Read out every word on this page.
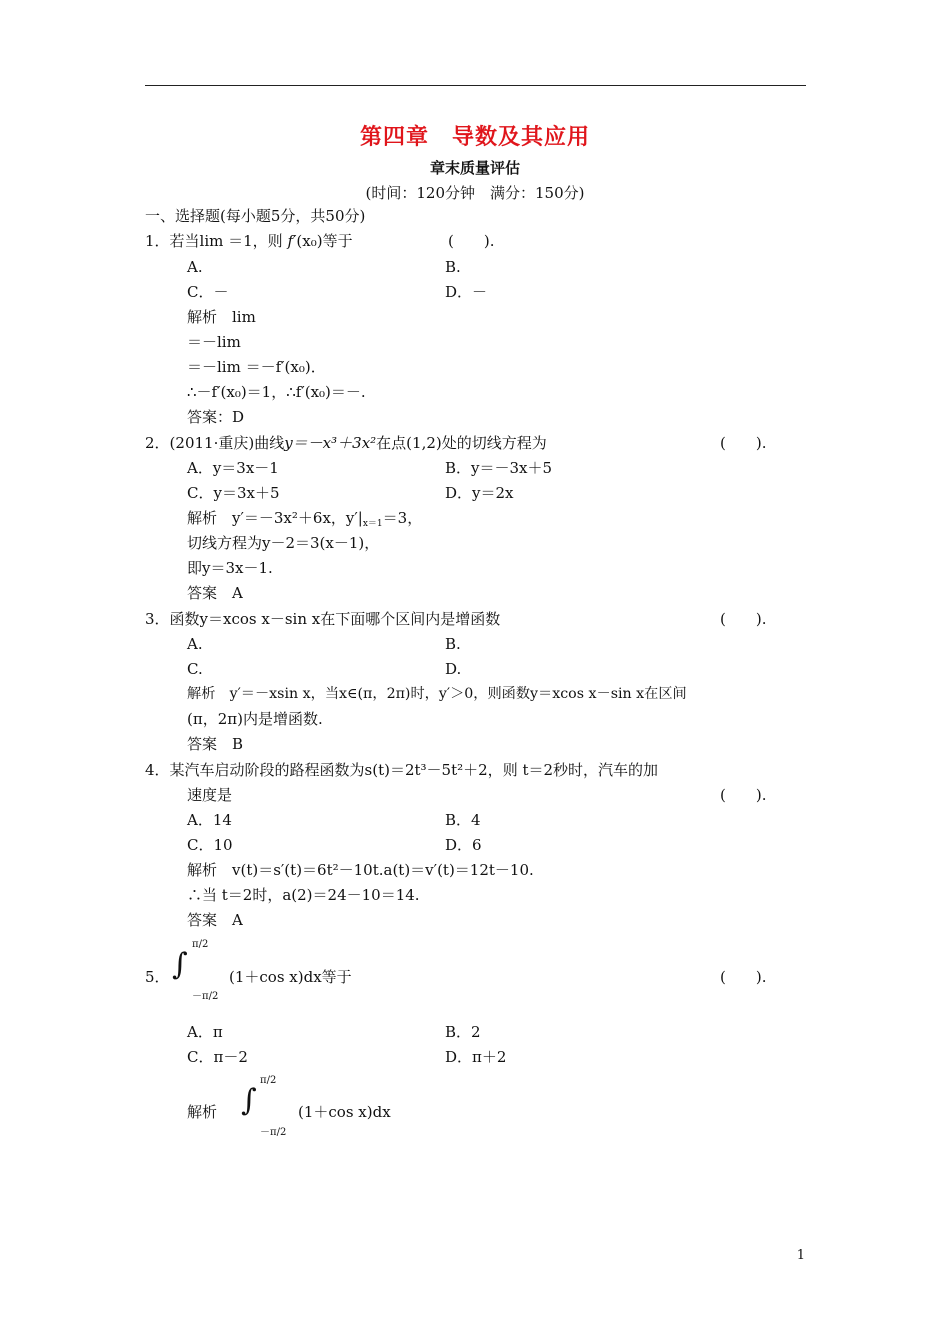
第四章　导数及其应用
章末质量评估
(时间：120分钟　满分：150分)
一、选择题(每小题5分，共50分)
1．若当lim ＝1，则 f′(x₀)等于	(　　).
A.	B.
C．－	D．－
解析　lim
＝－lim
＝－lim ＝－f′(x₀)．
∴－f′(x₀)＝1，∴f′(x₀)＝－.
答案：D
2．(2011·重庆)曲线y＝－x³＋3x²在点(1,2)处的切线方程为	(　　).
A．y＝3x－1	B．y＝－3x＋5
C．y＝3x＋5	D．y＝2x
解析　y′＝－3x²＋6x，$y'|_{x=1}=3$，
切线方程为y－2＝3(x－1)，
即y＝3x－1.
答案　A
3．函数y＝xcos x－sin x在下面哪个区间内是增函数	(　　).
A.	B.
C.	D.
解析　y′＝－xsin x，当x∈(π，2π)时，y′＞0，则函数y＝xcos x－sin x在区间
(π，2π)内是增函数.
答案　B
4．某汽车启动阶段的路程函数为s(t)＝2t³－5t²＋2，则 t＝2秒时，汽车的加
速度是	(　　).
A．14	B．4
C．10	D．6
解析　v(t)＝s′(t)＝6t²－10t.a(t)＝v′(t)＝12t－10.
∴当 t＝2时，a(2)＝24－10＝14.
答案　A
5． ∫
π/2
－π/2
(1＋cos x)dx等于	(　　).
A．π	B．2
C．π－2	D．π＋2
解析 ∫
π/2
－π/2
(1＋cos x)dx
1
